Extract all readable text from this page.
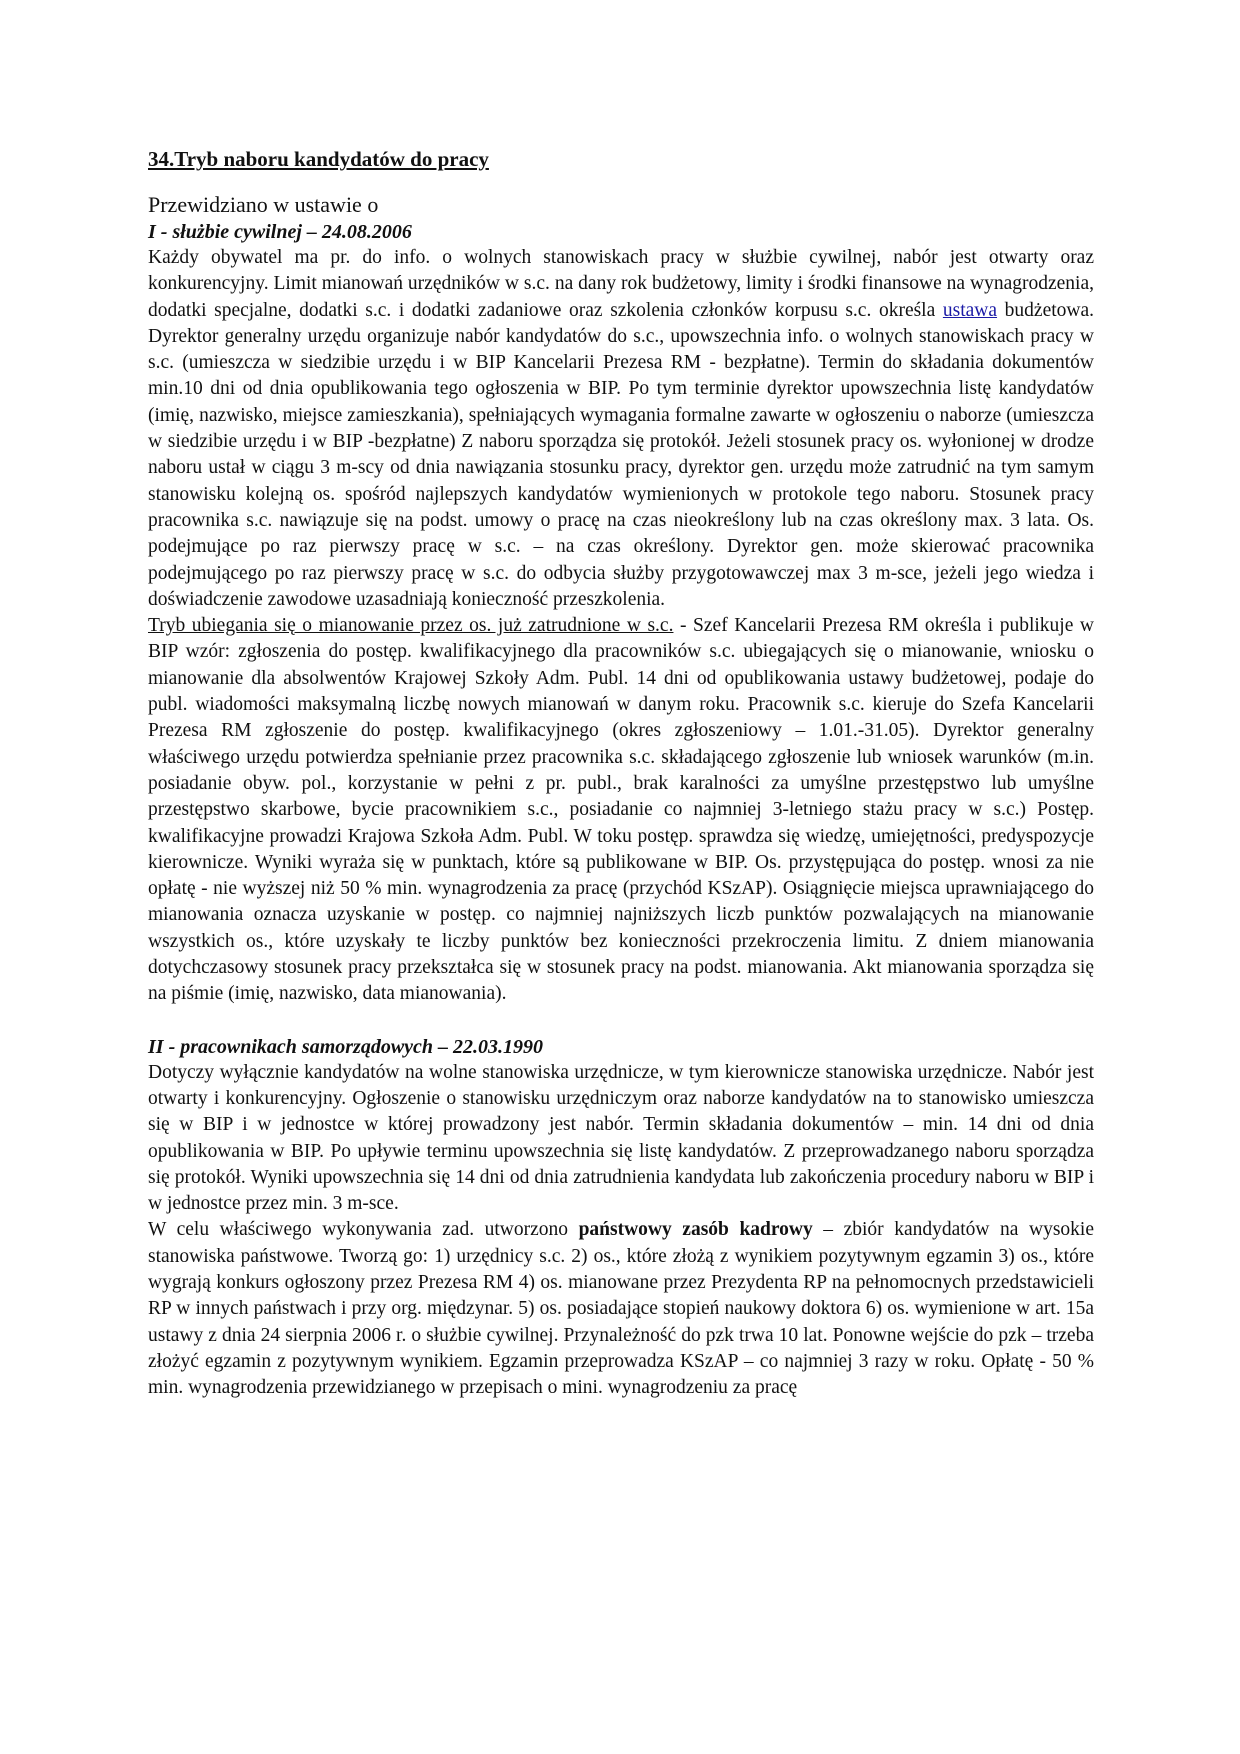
34.Tryb naboru kandydatów do pracy
Przewidziano w ustawie o
I - służbie cywilnej – 24.08.2006

Każdy obywatel ma pr. do info. o wolnych stanowiskach pracy w służbie cywilnej, nabór jest otwarty oraz konkurencyjny. Limit mianowań urzędników w s.c. na dany rok budżetowy, limity i środki finansowe na wynagrodzenia, dodatki specjalne, dodatki s.c. i dodatki zadaniowe oraz szkolenia członków korpusu s.c. określa ustawa budżetowa. Dyrektor generalny urzędu organizuje nabór kandydatów do s.c., upowszechnia info. o wolnych stanowiskach pracy w s.c. (umieszcza w siedzibie urzędu i w BIP Kancelarii Prezesa RM - bezpłatne). Termin do składania dokumentów min.10 dni od dnia opublikowania tego ogłoszenia w BIP. Po tym terminie dyrektor upowszechnia listę kandydatów (imię, nazwisko, miejsce zamieszkania), spełniających wymagania formalne zawarte w ogłoszeniu o naborze (umieszcza w siedzibie urzędu i w BIP -bezpłatne) Z naboru sporządza się protokół. Jeżeli stosunek pracy os. wyłonionej w drodze naboru ustał w ciągu 3 m-scy od dnia nawiązania stosunku pracy, dyrektor gen. urzędu może zatrudnić na tym samym stanowisku kolejną os. spośród najlepszych kandydatów wymienionych w protokole tego naboru. Stosunek pracy pracownika s.c. nawiązuje się na podst. umowy o pracę na czas nieokreślony lub na czas określony max. 3 lata. Os. podejmujące po raz pierwszy pracę w s.c. – na czas określony. Dyrektor gen. może skierować pracownika podejmującego po raz pierwszy pracę w s.c. do odbycia służby przygotowawczej max 3 m-sce, jeżeli jego wiedza i doświadczenie zawodowe uzasadniają konieczność przeszkolenia.

Tryb ubiegania się o mianowanie przez os. już zatrudnione w s.c. - Szef Kancelarii Prezesa RM określa i publikuje w BIP wzór: zgłoszenia do postęp. kwalifikacyjnego dla pracowników s.c. ubiegających się o mianowanie, wniosku o mianowanie dla absolwentów Krajowej Szkoły Adm. Publ. 14 dni od opublikowania ustawy budżetowej, podaje do publ. wiadomości maksymalną liczbę nowych mianowań w danym roku. Pracownik s.c. kieruje do Szefa Kancelarii Prezesa RM zgłoszenie do postęp. kwalifikacyjnego (okres zgłoszeniowy – 1.01.-31.05). Dyrektor generalny właściwego urzędu potwierdza spełnianie przez pracownika s.c. składającego zgłoszenie lub wniosek warunków (m.in. posiadanie obyw. pol., korzystanie w pełni z pr. publ., brak karalności za umyślne przestępstwo lub umyślne przestępstwo skarbowe, bycie pracownikiem s.c., posiadanie co najmniej 3-letniego stażu pracy w s.c.) Postęp. kwalifikacyjne prowadzi Krajowa Szkoła Adm. Publ. W toku postęp. sprawdza się wiedzę, umiejętności, predyspozycje kierownicze. Wyniki wyraża się w punktach, które są publikowane w BIP. Os. przystępująca do postęp. wnosi za nie opłatę - nie wyższej niż 50 % min. wynagrodzenia za pracę (przychód KSzAP). Osiągnięcie miejsca uprawniającego do mianowania oznacza uzyskanie w postęp. co najmniej najniższych liczb punktów pozwalających na mianowanie wszystkich os., które uzyskały te liczby punktów bez konieczności przekroczenia limitu. Z dniem mianowania dotychczasowy stosunek pracy przekształca się w stosunek pracy na podst. mianowania. Akt mianowania sporządza się na piśmie (imię, nazwisko, data mianowania).

II - pracownikach samorządowych – 22.03.1990

Dotyczy wyłącznie kandydatów na wolne stanowiska urzędnicze, w tym kierownicze stanowiska urzędnicze. Nabór jest otwarty i konkurencyjny. Ogłoszenie o stanowisku urzędniczym oraz naborze kandydatów na to stanowisko umieszcza się w BIP i w jednostce w której prowadzony jest nabór. Termin składania dokumentów – min. 14 dni od dnia opublikowania w BIP. Po upływie terminu upowszechnia się listę kandydatów. Z przeprowadzanego naboru sporządza się protokół. Wyniki upowszechnia się 14 dni od dnia zatrudnienia kandydata lub zakończenia procedury naboru w BIP i w jednostce przez min. 3 m-sce.

W celu właściwego wykonywania zad. utworzono państwowy zasób kadrowy – zbiór kandydatów na wysokie stanowiska państwowe. Tworzą go: 1) urzędnicy s.c. 2) os., które złożą z wynikiem pozytywnym egzamin 3) os., które wygrają konkurs ogłoszony przez Prezesa RM 4) os. mianowane przez Prezydenta RP na pełnomocnych przedstawicieli RP w innych państwach i przy org. międzynar. 5) os. posiadające stopień naukowy doktora 6) os. wymienione w art. 15a ustawy z dnia 24 sierpnia 2006 r. o służbie cywilnej. Przynależność do pzk trwa 10 lat. Ponowne wejście do pzk – trzeba złożyć egzamin z pozytywnym wynikiem. Egzamin przeprowadza KSzAP – co najmniej 3 razy w roku. Opłatę - 50 % min. wynagrodzenia przewidzianego w przepisach o mini. wynagrodzeniu za pracę
